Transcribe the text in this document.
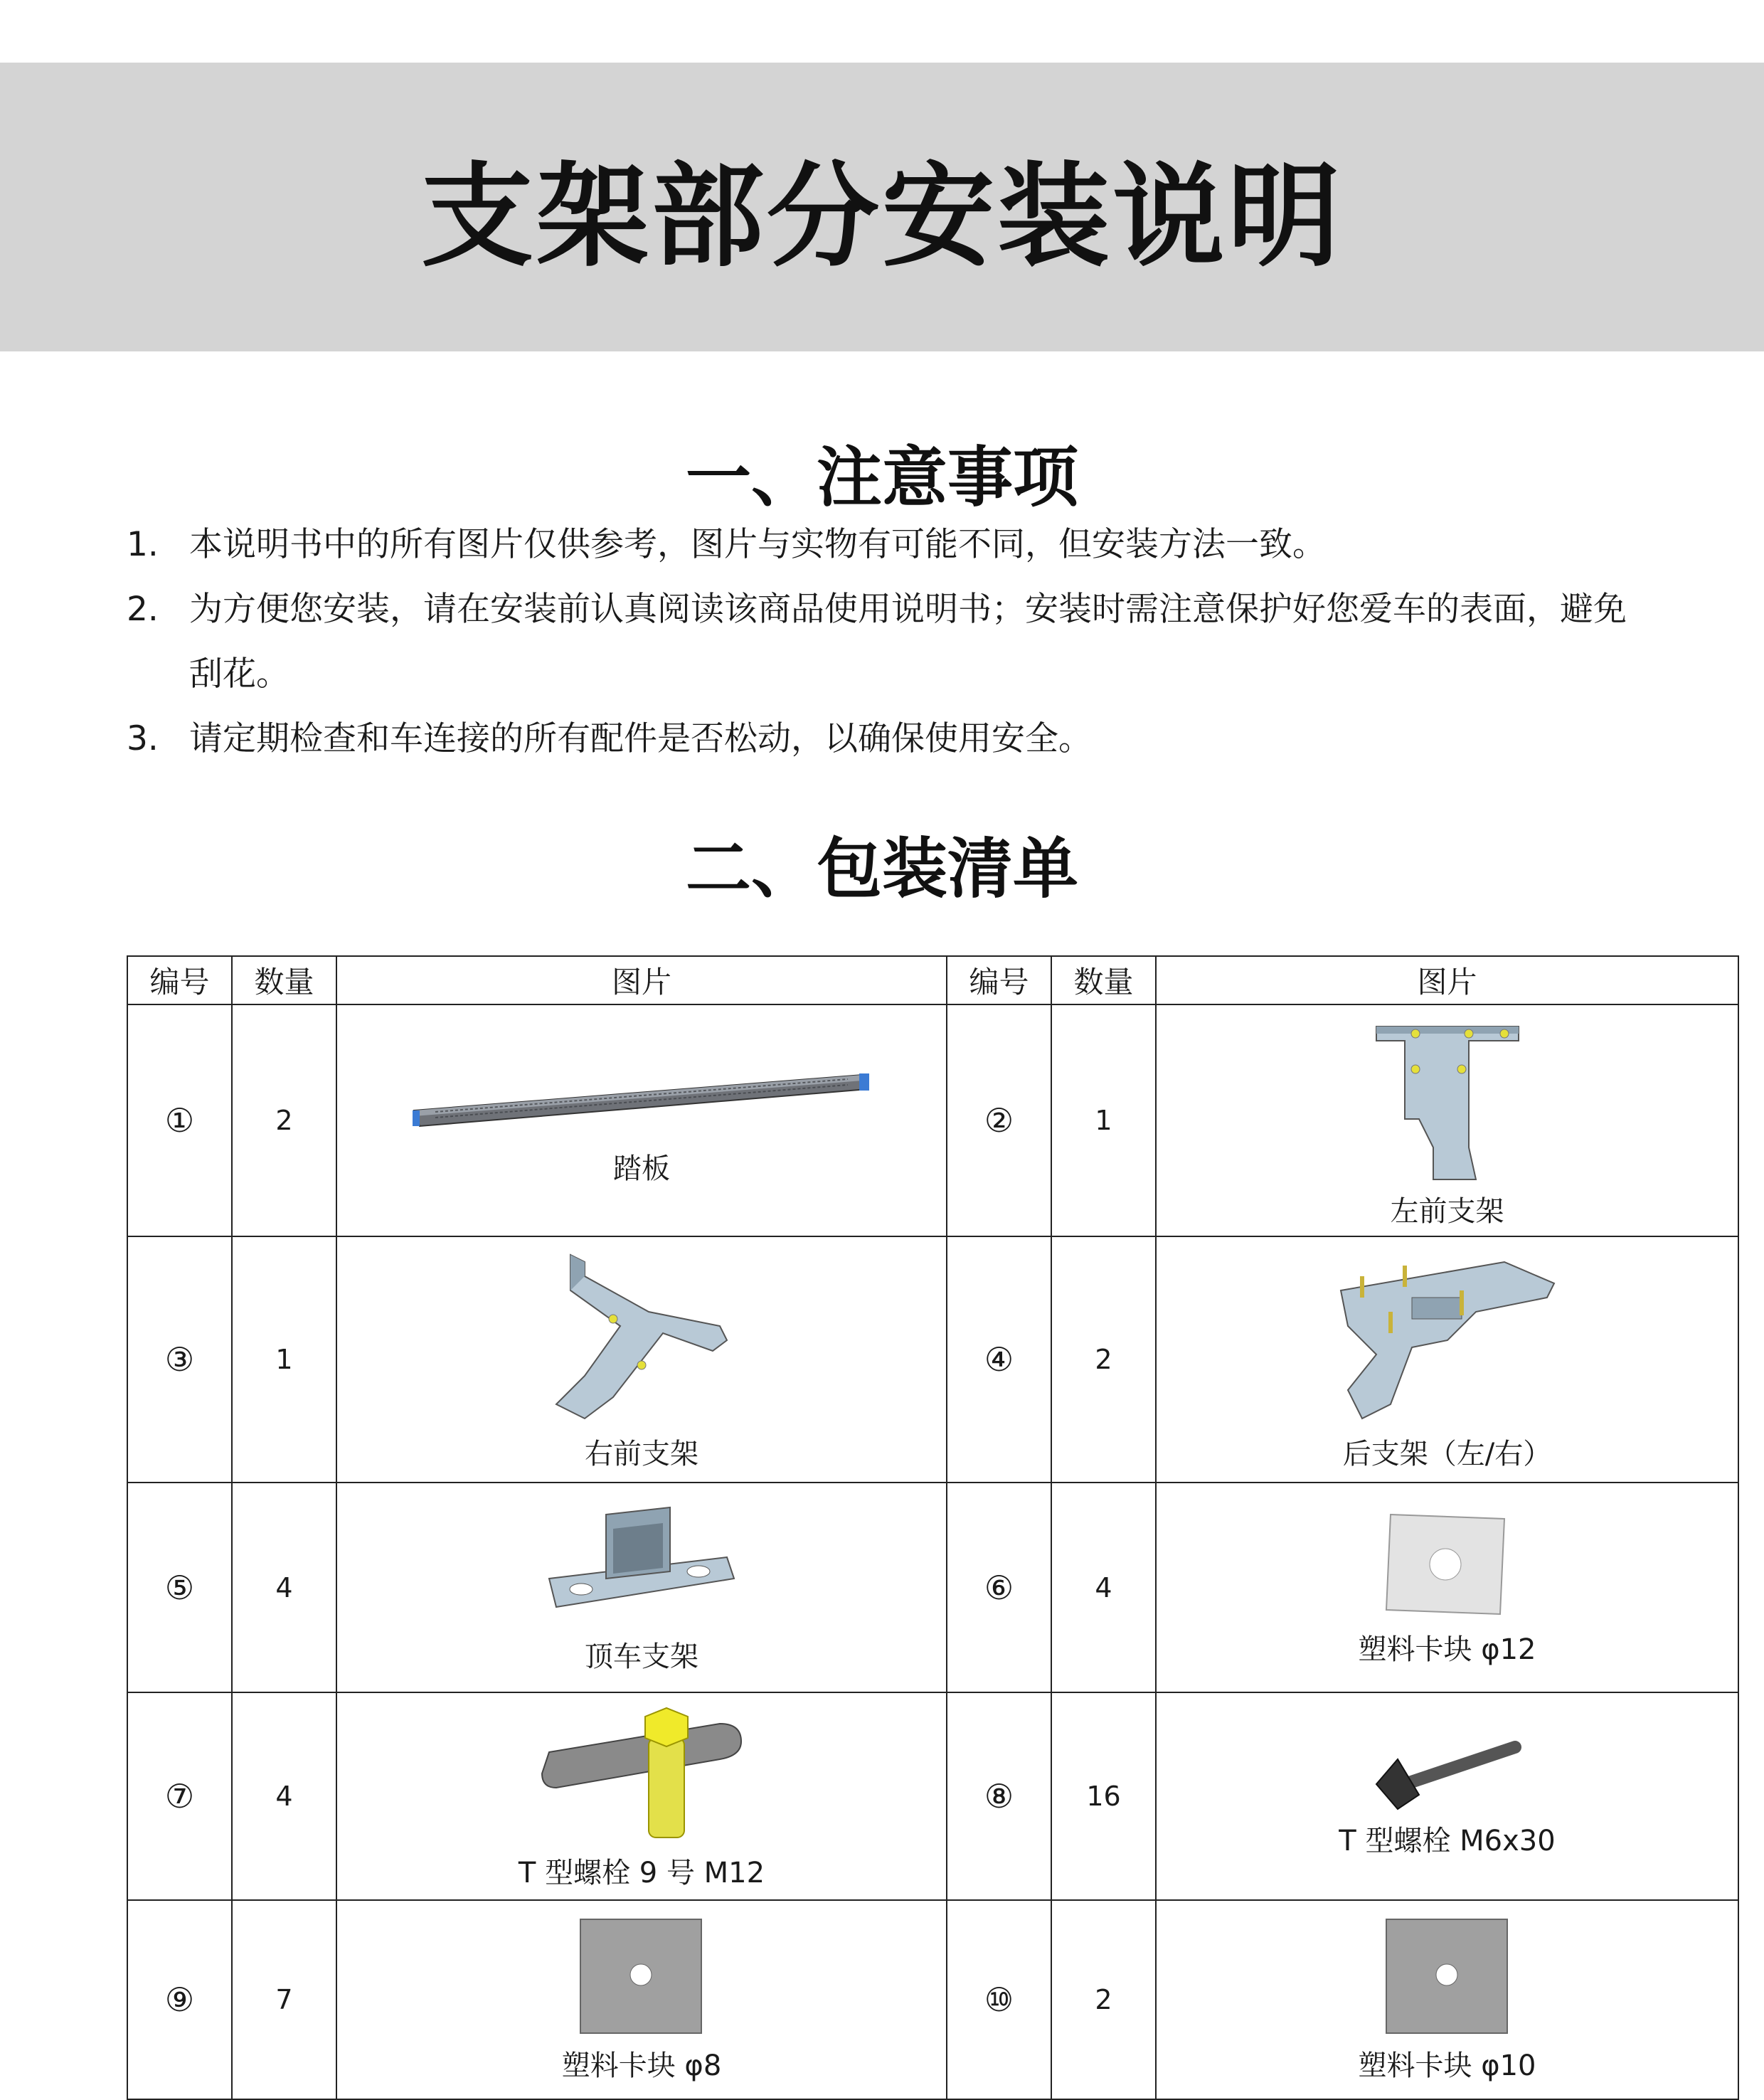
支架部分安装说明
一、注意事项
1. 本说明书中的所有图片仅供参考，图片与实物有可能不同，但安装方法一致。
2. 为方便您安装，请在安装前认真阅读该商品使用说明书；安装时需注意保护好您爱车的表面，避免刮花。
3. 请定期检查和车连接的所有配件是否松动，以确保使用安全。
二、包装清单
编号	数量	图片	编号	数量	图片
①	2	踏板	②	1	左前支架

③	1	右前支架	④	2	后支架（左/右）

⑤	4	顶车支架	⑥	4	塑料卡块 φ12

⑦	4	T 型螺栓 9 号 M12	⑧	16	T 型螺栓 M6x30

⑨	7	塑料卡块 φ8	⑩	2	塑料卡块 φ10
